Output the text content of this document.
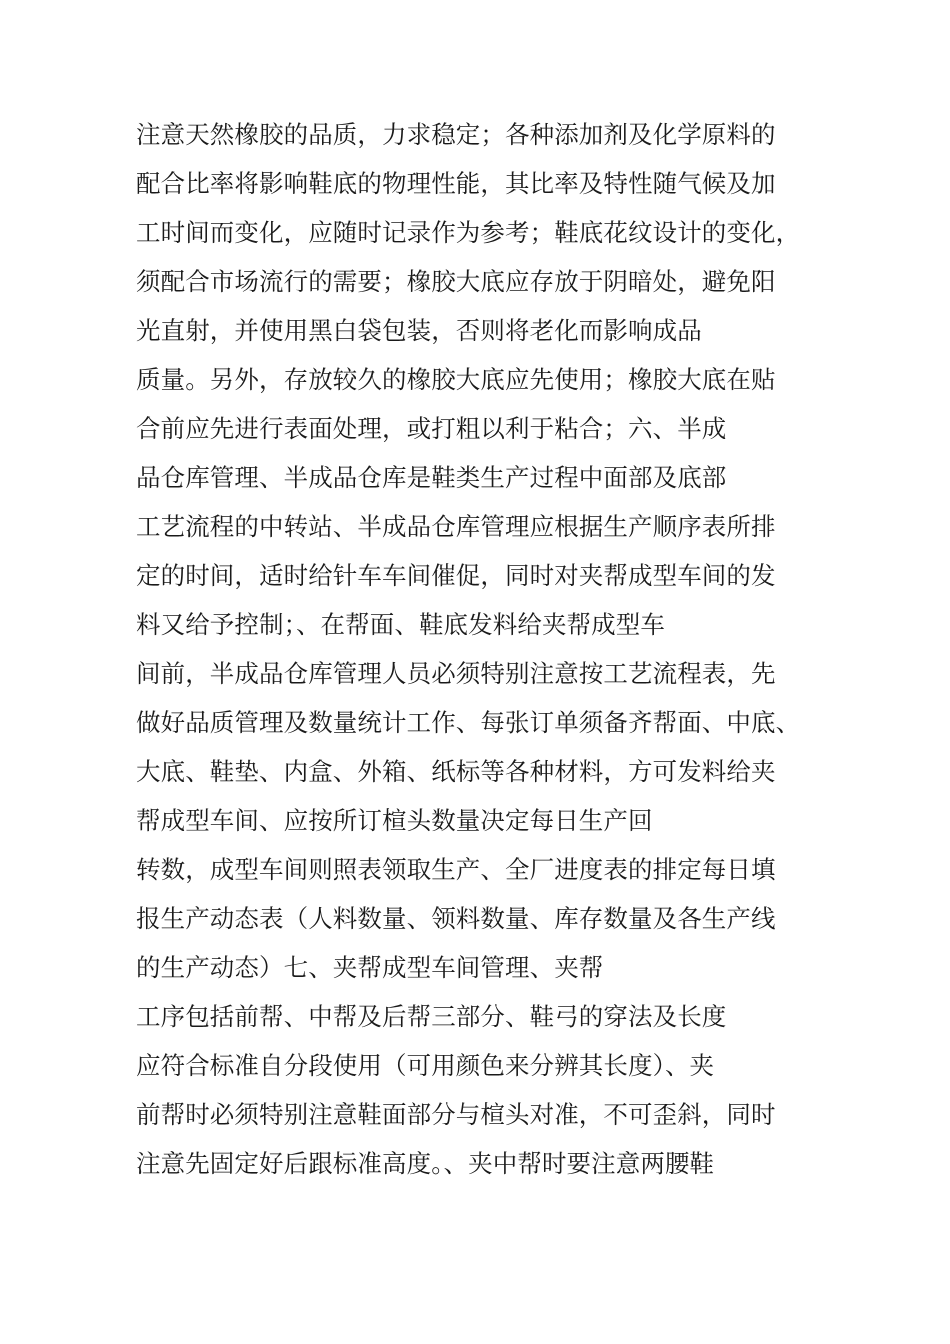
注意天然橡胶的品质，力求稳定；各种添加剂及化学原料的
配合比率将影响鞋底的物理性能，其比率及特性随气候及加
工时间而变化，应随时记录作为参考；鞋底花纹设计的变化，
须配合市场流行的需要；橡胶大底应存放于阴暗处，避免阳
光直射，并使用黑白袋包装，否则将老化而影响成品
质量。另外，存放较久的橡胶大底应先使用；橡胶大底在贴
合前应先进行表面处理，或打粗以利于粘合；六、半成
品仓库管理、半成品仓库是鞋类生产过程中面部及底部
工艺流程的中转站、半成品仓库管理应根据生产顺序表所排
定的时间，适时给针车车间催促，同时对夹帮成型车间的发
料又给予控制；、在帮面、鞋底发料给夹帮成型车
间前，半成品仓库管理人员必须特别注意按工艺流程表，先
做好品质管理及数量统计工作、每张订单须备齐帮面、中底、
大底、鞋垫、内盒、外箱、纸标等各种材料，方可发料给夹
帮成型车间、应按所订楦头数量决定每日生产回
转数，成型车间则照表领取生产、全厂进度表的排定每日填
报生产动态表（人料数量、领料数量、库存数量及各生产线
的生产动态）七、夹帮成型车间管理、夹帮
工序包括前帮、中帮及后帮三部分、鞋弓的穿法及长度
应符合标准自分段使用（可用颜色来分辨其长度）、夹
前帮时必须特别注意鞋面部分与楦头对准，不可歪斜，同时
注意先固定好后跟标准高度。、夹中帮时要注意两腰鞋
